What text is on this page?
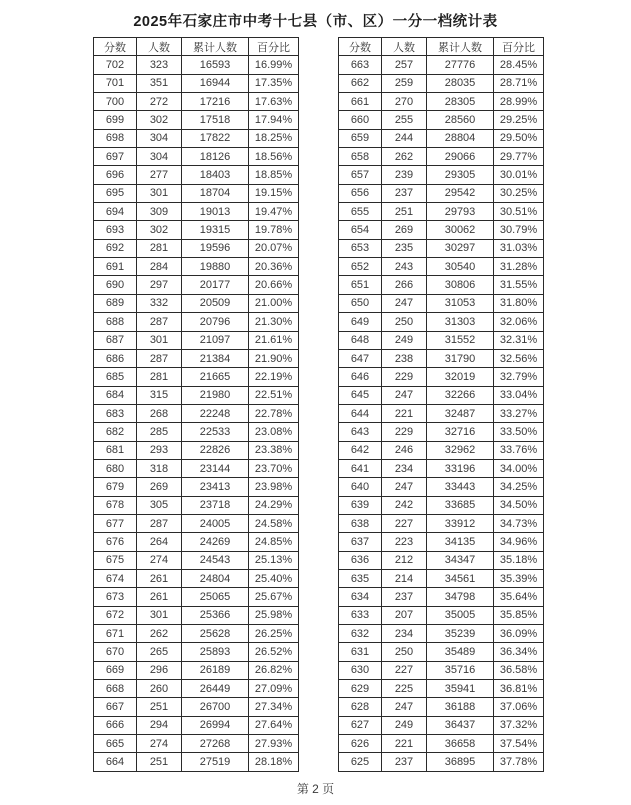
2025年石家庄市中考十七县（市、区）一分一档统计表
分数	人数	累计人数	百分比
702	323	16593	16.99%
701	351	16944	17.35%
700	272	17216	17.63%
699	302	17518	17.94%
698	304	17822	18.25%
697	304	18126	18.56%
696	277	18403	18.85%
695	301	18704	19.15%
694	309	19013	19.47%
693	302	19315	19.78%
692	281	19596	20.07%
691	284	19880	20.36%
690	297	20177	20.66%
689	332	20509	21.00%
688	287	20796	21.30%
687	301	21097	21.61%
686	287	21384	21.90%
685	281	21665	22.19%
684	315	21980	22.51%
683	268	22248	22.78%
682	285	22533	23.08%
681	293	22826	23.38%
680	318	23144	23.70%
679	269	23413	23.98%
678	305	23718	24.29%
677	287	24005	24.58%
676	264	24269	24.85%
675	274	24543	25.13%
674	261	24804	25.40%
673	261	25065	25.67%
672	301	25366	25.98%
671	262	25628	26.25%
670	265	25893	26.52%
669	296	26189	26.82%
668	260	26449	27.09%
667	251	26700	27.34%
666	294	26994	27.64%
665	274	27268	27.93%
664	251	27519	28.18%
分数	人数	累计人数	百分比
663	257	27776	28.45%
662	259	28035	28.71%
661	270	28305	28.99%
660	255	28560	29.25%
659	244	28804	29.50%
658	262	29066	29.77%
657	239	29305	30.01%
656	237	29542	30.25%
655	251	29793	30.51%
654	269	30062	30.79%
653	235	30297	31.03%
652	243	30540	31.28%
651	266	30806	31.55%
650	247	31053	31.80%
649	250	31303	32.06%
648	249	31552	32.31%
647	238	31790	32.56%
646	229	32019	32.79%
645	247	32266	33.04%
644	221	32487	33.27%
643	229	32716	33.50%
642	246	32962	33.76%
641	234	33196	34.00%
640	247	33443	34.25%
639	242	33685	34.50%
638	227	33912	34.73%
637	223	34135	34.96%
636	212	34347	35.18%
635	214	34561	35.39%
634	237	34798	35.64%
633	207	35005	35.85%
632	234	35239	36.09%
631	250	35489	36.34%
630	227	35716	36.58%
629	225	35941	36.81%
628	247	36188	37.06%
627	249	36437	37.32%
626	221	36658	37.54%
625	237	36895	37.78%
第 2 页
